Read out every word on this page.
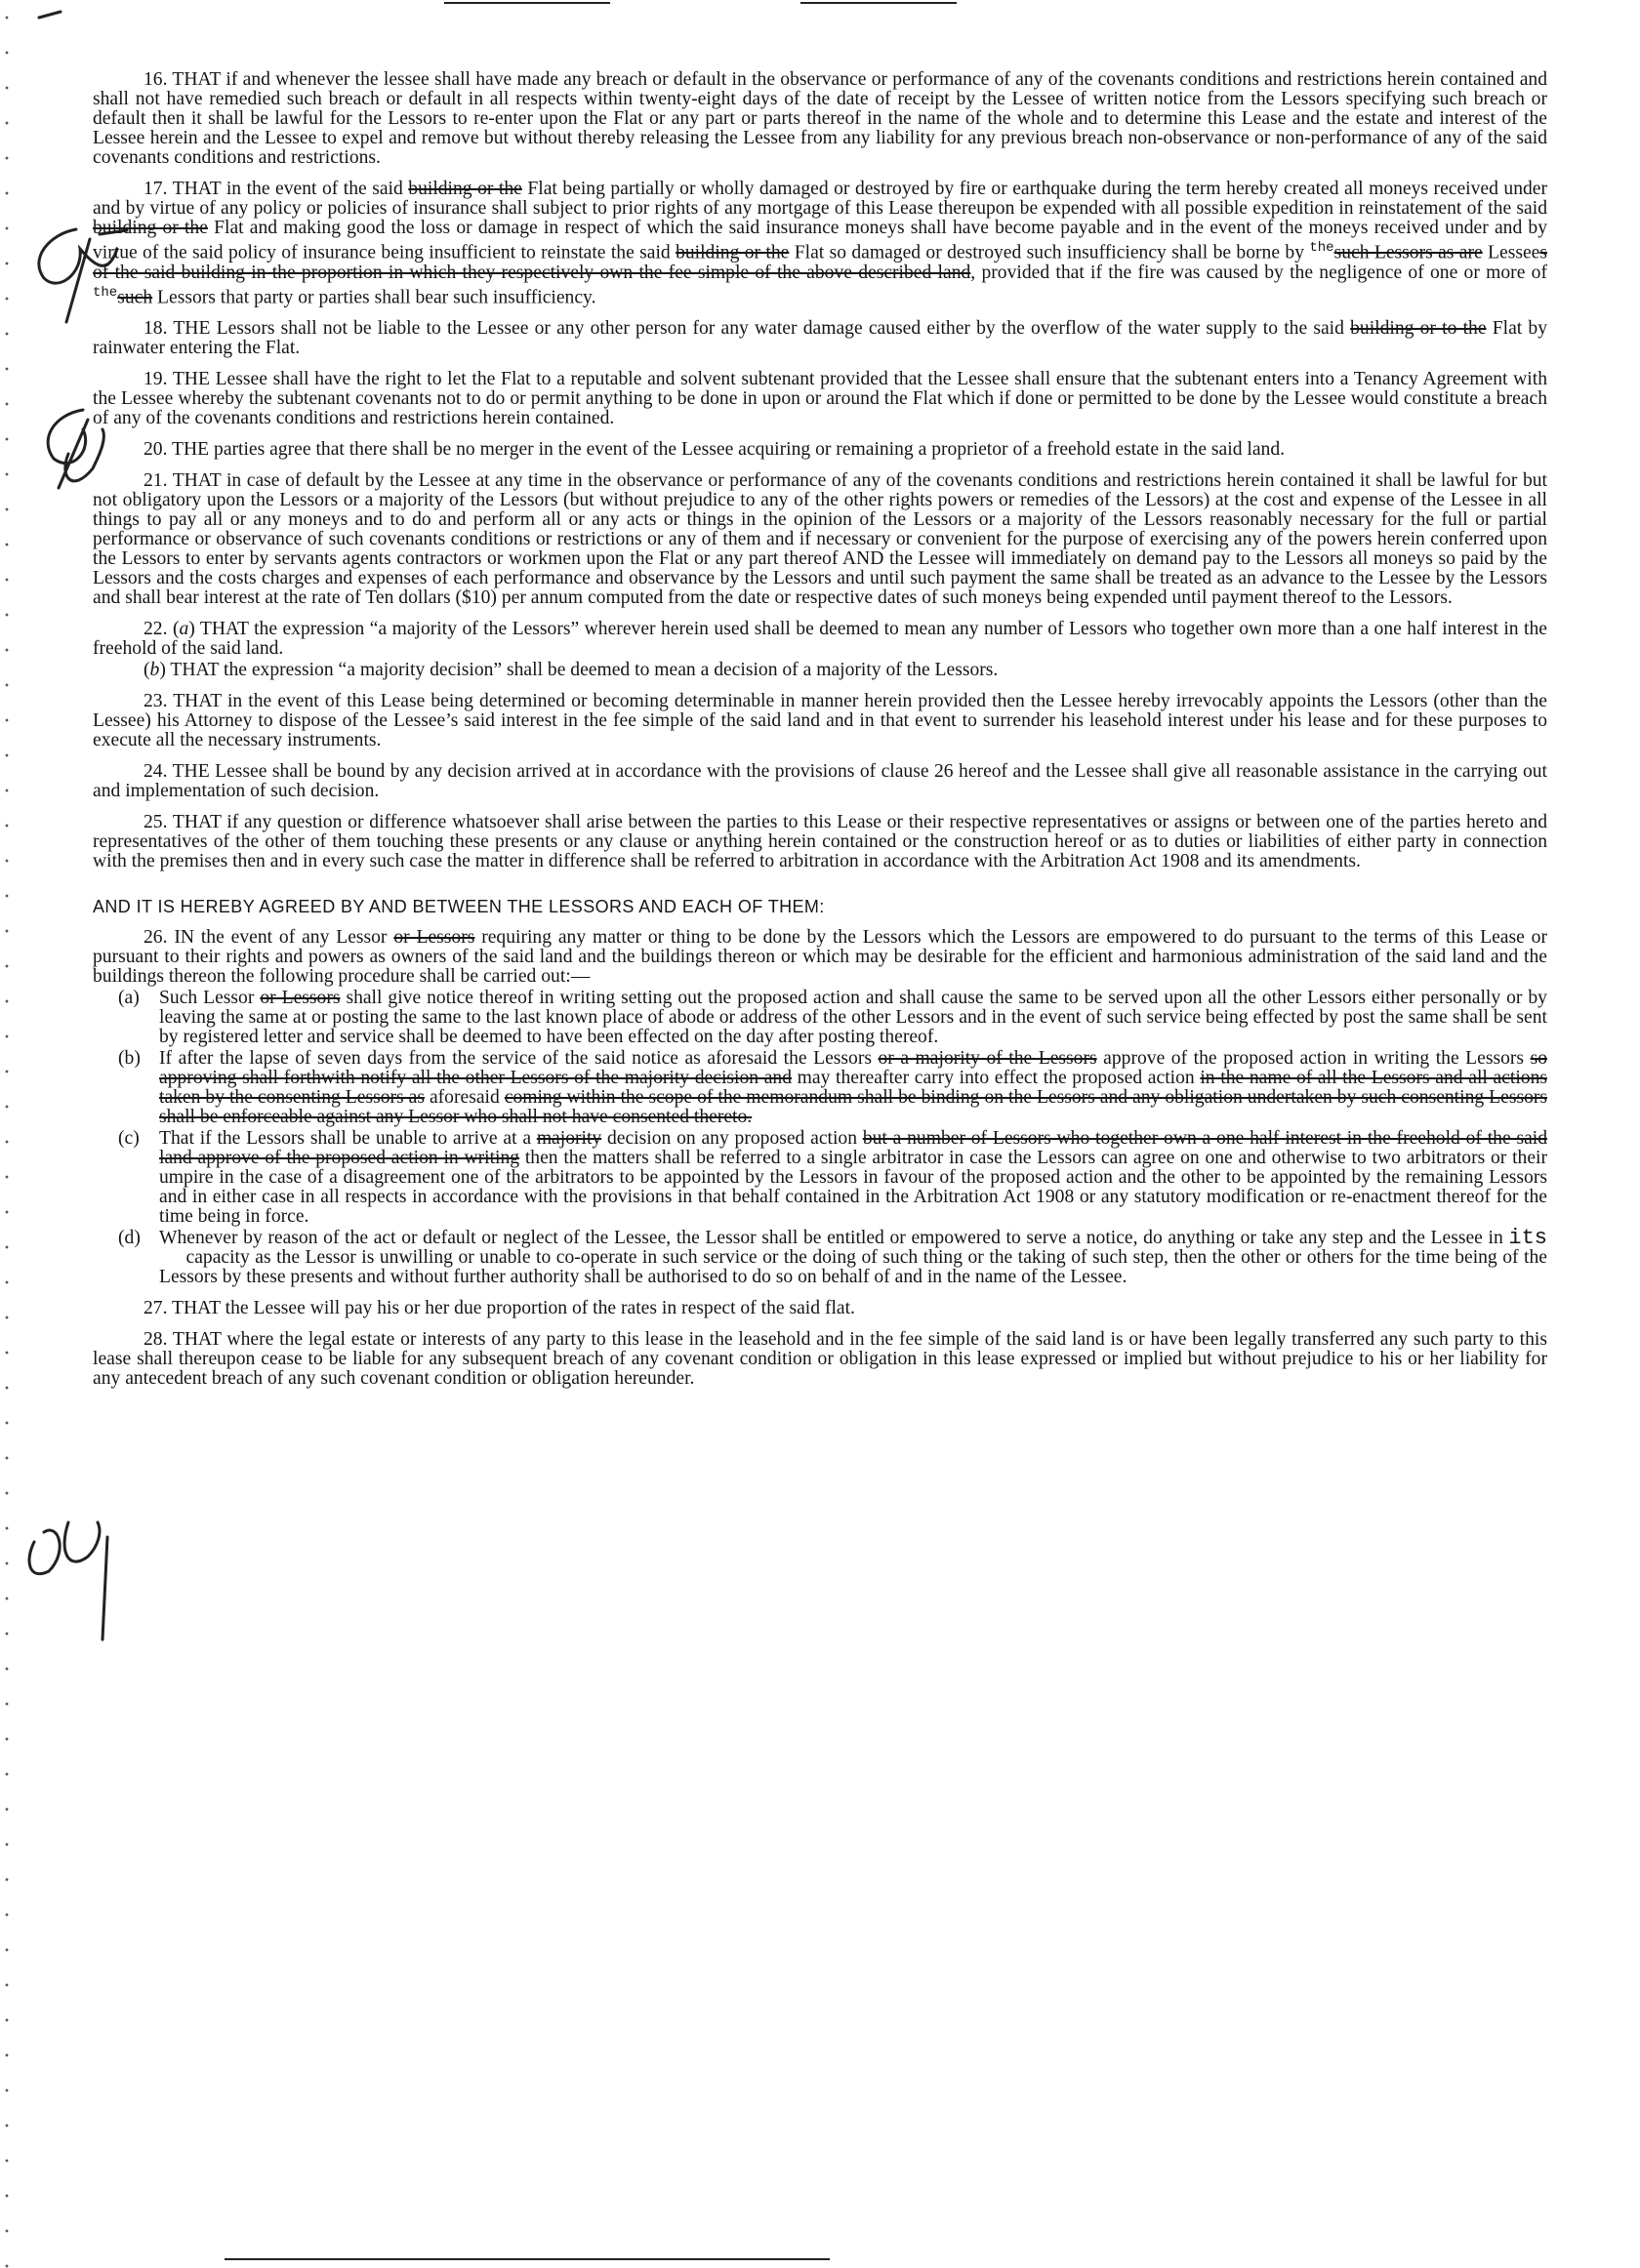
16. THAT if and whenever the lessee shall have made any breach or default in the observance or performance of any of the covenants conditions and restrictions herein contained and shall not have remedied such breach or default in all respects within twenty-eight days of the date of receipt by the Lessee of written notice from the Lessors specifying such breach or default then it shall be lawful for the Lessors to re-enter upon the Flat or any part or parts thereof in the name of the whole and to determine this Lease and the estate and interest of the Lessee herein and the Lessee to expel and remove but without thereby releasing the Lessee from any liability for any previous breach non-observance or non-performance of any of the said covenants conditions and restrictions.

17. THAT in the event of the said building or the Flat being partially or wholly damaged or destroyed by fire or earthquake during the term hereby created all moneys received under and by virtue of any policy or policies of insurance shall subject to prior rights of any mortgage of this Lease thereupon be expended with all possible expedition in reinstatement of the said building or the Flat and making good the loss or damage in respect of which the said insurance moneys shall have become payable and in the event of the moneys received under and by virtue of the said policy of insurance being insufficient to reinstate the said building or the Flat so damaged or destroyed such insufficiency shall be borne by $^{the}$such Lessors as are Lessees of the said building in the proportion in which they respectively own the fee simple of the above described land, provided that if the fire was caused by the negligence of one or more of $^{the}$such Lessors that party or parties shall bear such insufficiency.

18. THE Lessors shall not be liable to the Lessee or any other person for any water damage caused either by the overflow of the water supply to the said building or to the Flat by rainwater entering the Flat.

19. THE Lessee shall have the right to let the Flat to a reputable and solvent subtenant provided that the Lessee shall ensure that the subtenant enters into a Tenancy Agreement with the Lessee whereby the subtenant covenants not to do or permit anything to be done in upon or around the Flat which if done or permitted to be done by the Lessee would constitute a breach of any of the covenants conditions and restrictions herein contained.

20. THE parties agree that there shall be no merger in the event of the Lessee acquiring or remaining a proprietor of a freehold estate in the said land.

21. THAT in case of default by the Lessee at any time in the observance or performance of any of the covenants conditions and restrictions herein contained it shall be lawful for but not obligatory upon the Lessors or a majority of the Lessors (but without prejudice to any of the other rights powers or remedies of the Lessors) at the cost and expense of the Lessee in all things to pay all or any moneys and to do and perform all or any acts or things in the opinion of the Lessors or a majority of the Lessors reasonably necessary for the full or partial performance or observance of such covenants conditions or restrictions or any of them and if necessary or convenient for the purpose of exercising any of the powers herein conferred upon the Lessors to enter by servants agents contractors or workmen upon the Flat or any part thereof AND the Lessee will immediately on demand pay to the Lessors all moneys so paid by the Lessors and the costs charges and expenses of each performance and observance by the Lessors and until such payment the same shall be treated as an advance to the Lessee by the Lessors and shall bear interest at the rate of Ten dollars ($10) per annum computed from the date or respective dates of such moneys being expended until payment thereof to the Lessors.

22. (a) THAT the expression “a majority of the Lessors” wherever herein used shall be deemed to mean any number of Lessors who together own more than a one half interest in the freehold of the said land.

(b) THAT the expression “a majority decision” shall be deemed to mean a decision of a majority of the Lessors.

23. THAT in the event of this Lease being determined or becoming determinable in manner herein provided then the Lessee hereby irrevocably appoints the Lessors (other than the Lessee) his Attorney to dispose of the Lessee’s said interest in the fee simple of the said land and in that event to surrender his leasehold interest under his lease and for these purposes to execute all the necessary instruments.

24. THE Lessee shall be bound by any decision arrived at in accordance with the provisions of clause 26 hereof and the Lessee shall give all reasonable assistance in the carrying out and implementation of such decision.

25. THAT if any question or difference whatsoever shall arise between the parties to this Lease or their respective representatives or assigns or between one of the parties hereto and representatives of the other of them touching these presents or any clause or anything herein contained or the construction hereof or as to duties or liabilities of either party in connection with the premises then and in every such case the matter in difference shall be referred to arbitration in accordance with the Arbitration Act 1908 and its amendments.

AND IT IS HEREBY AGREED BY AND BETWEEN THE LESSORS AND EACH OF THEM:

26. IN the event of any Lessor or Lessors requiring any matter or thing to be done by the Lessors which the Lessors are empowered to do pursuant to the terms of this Lease or pursuant to their rights and powers as owners of the said land and the buildings thereon or which may be desirable for the efficient and harmonious administration of the said land and the buildings thereon the following procedure shall be carried out:—

(a) Such Lessor or Lessors shall give notice thereof in writing setting out the proposed action and shall cause the same to be served upon all the other Lessors either personally or by leaving the same at or posting the same to the last known place of abode or address of the other Lessors and in the event of such service being effected by post the same shall be sent by registered letter and service shall be deemed to have been effected on the day after posting thereof.

(b) If after the lapse of seven days from the service of the said notice as aforesaid the Lessors or a majority of the Lessors approve of the proposed action in writing the Lessors so approving shall forthwith notify all the other Lessors of the majority decision and may thereafter carry into effect the proposed action in the name of all the Lessors and all actions taken by the consenting Lessors as aforesaid coming within the scope of the memorandum shall be binding on the Lessors and any obligation undertaken by such consenting Lessors shall be enforceable against any Lessor who shall not have consented thereto.

(c) That if the Lessors shall be unable to arrive at a majority decision on any proposed action but a number of Lessors who together own a one half interest in the freehold of the said land approve of the proposed action in writing then the matters shall be referred to a single arbitrator in case the Lessors can agree on one and otherwise to two arbitrators or their umpire in the case of a disagreement one of the arbitrators to be appointed by the Lessors in favour of the proposed action and the other to be appointed by the remaining Lessors and in either case in all respects in accordance with the provisions in that behalf contained in the Arbitration Act 1908 or any statutory modification or re-enactment thereof for the time being in force.

(d) Whenever by reason of the act or default or neglect of the Lessee, the Lessor shall be entitled or empowered to serve a notice, do anything or take any step and the Lessee in its      capacity as the Lessor is unwilling or unable to co-operate in such service or the doing of such thing or the taking of such step, then the other or others for the time being of the Lessors by these presents and without further authority shall be authorised to do so on behalf of and in the name of the Lessee.

27. THAT the Lessee will pay his or her due proportion of the rates in respect of the said flat.

28. THAT where the legal estate or interests of any party to this lease in the leasehold and in the fee simple of the said land is or have been legally transferred any such party to this lease shall thereupon cease to be liable for any subsequent breach of any covenant condition or obligation in this lease expressed or implied but without prejudice to his or her liability for any antecedent breach of any such covenant condition or obligation hereunder.
